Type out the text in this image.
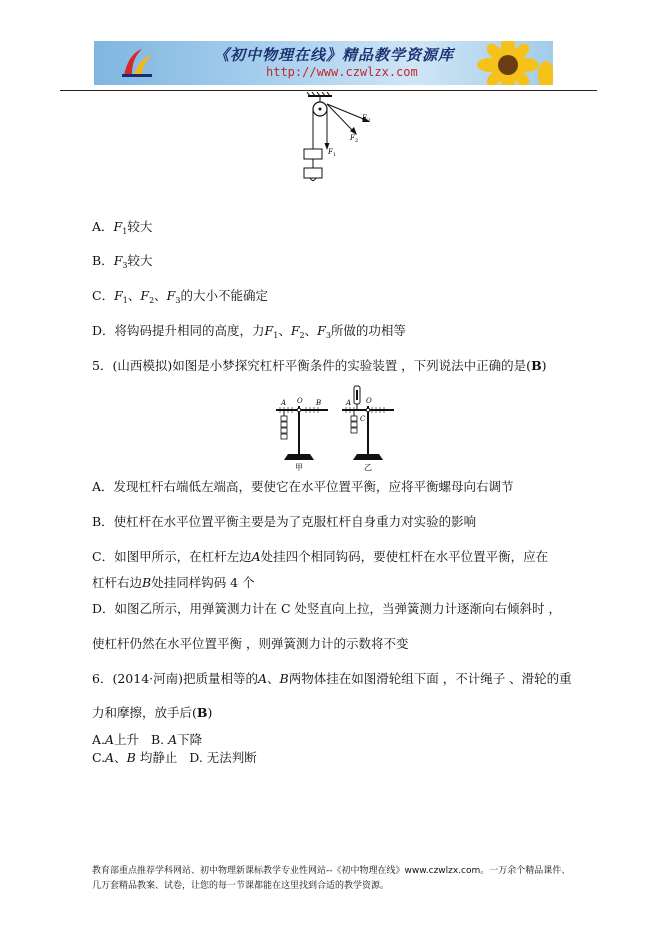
《初中物理在线》精品教学资源库
http://www.czwlzx.com
F 1
F 2
F 3
A．$F_1$较大
B．$F_3$较大
C．$F_1$、$F_2$、$F_3$的大小不能确定
D．将钩码提升相同的高度，力$F_1$、$F_2$、$F_3$所做的功相等
5．(山西模拟)如图是小梦探究杠杆平衡条件的实验装置 ，下列说法中正确的是(B)
A O B
甲
A O
C
乙
A．发现杠杆右端低左端高，要使它在水平位置平衡，应将平衡螺母向右调节
B．使杠杆在水平位置平衡主要是为了克服杠杆自身重力对实验的影响
C．如图甲所示，在杠杆左边A处挂四个相同钩码，要使杠杆在水平位置平衡，应在
杠杆右边B处挂同样钩码 4 个
D．如图乙所示，用弹簧测力计在 C 处竖直向上拉，当弹簧测力计逐渐向右倾斜时 ，
使杠杆仍然在水平位置平衡 ，则弹簧测力计的示数将不变
6．(2014·河南)把质量相等的A、B两物体挂在如图滑轮组下面 ，不计绳子 、滑轮的重
力和摩擦，放手后(B)
A.A上升 B. A下降
C.A、B 均静止 D. 无法判断
教育部重点推荐学科网站、初中物理新课标教学专业性网站--《初中物理在线》www.czwlzx.com。一万余个精品课件、
几万套精品教案、试卷，让您的每一节课都能在这里找到合适的教学资源。
